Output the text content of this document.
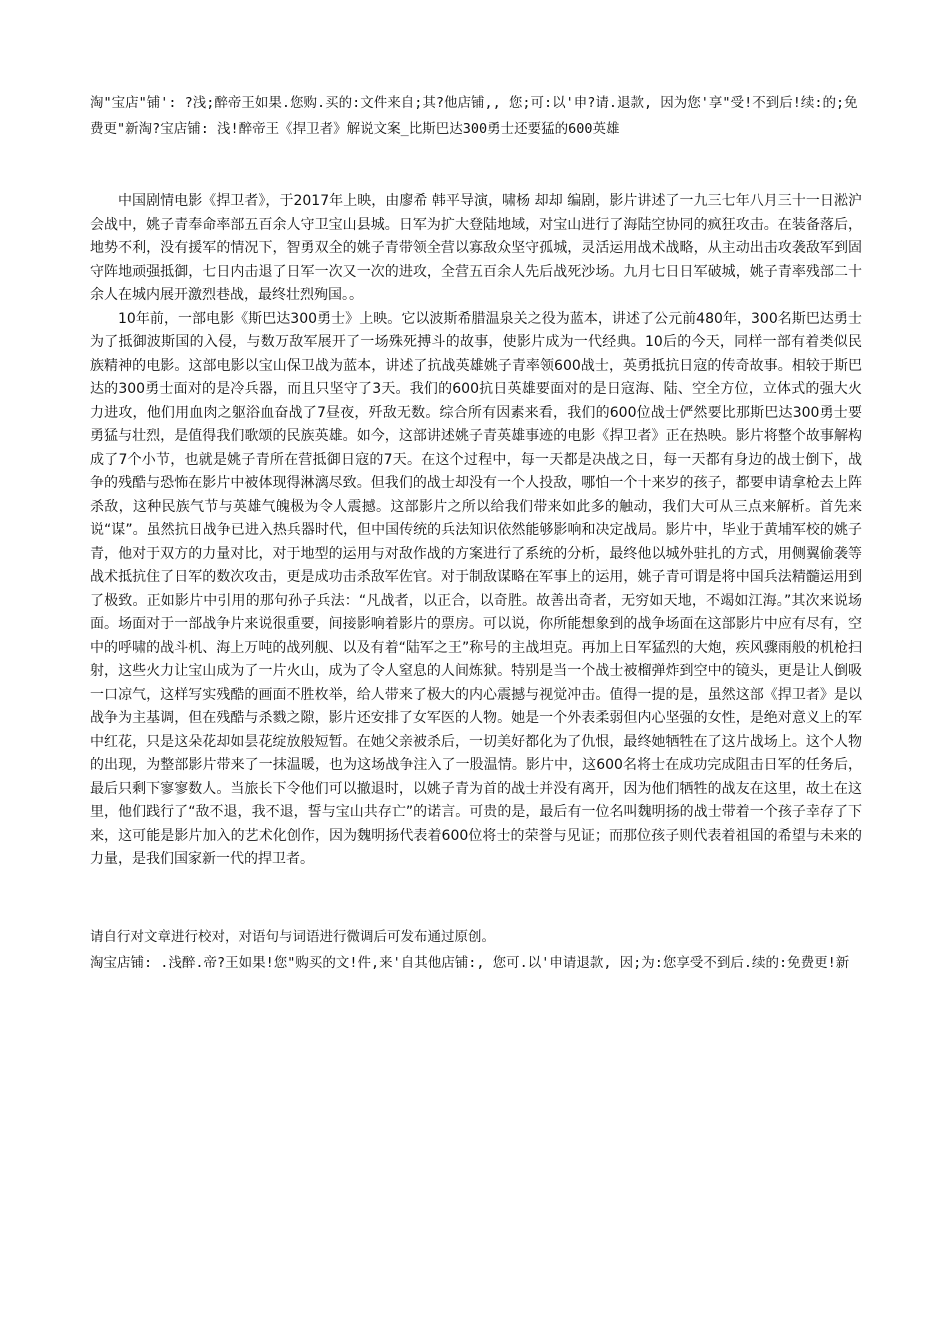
淘"宝店"铺': ?浅;醉帝王如果.您购.买的:文件来自;其?他店铺,, 您;可:以'申?请.退款, 因为您'享"受!不到后!续:的;免费更"新淘?宝店铺: 浅!醉帝王《捍卫者》解说文案_比斯巴达300勇士还要猛的600英雄

中国剧情电影《捍卫者》，于2017年上映，由廖希 韩平导演，啸杨 却却 编剧，影片讲述了一九三七年八月三十一日淞沪会战中，姚子青奉命率部五百余人守卫宝山县城。日军为扩大登陆地域，对宝山进行了海陆空协同的疯狂攻击。在装备落后，地势不利，没有援军的情况下，智勇双全的姚子青带领全营以寡敌众坚守孤城，灵活运用战术战略，从主动出击攻袭敌军到固守阵地顽强抵御，七日内击退了日军一次又一次的进攻，全营五百余人先后战死沙场。九月七日日军破城，姚子青率残部二十余人在城内展开激烈巷战，最终壮烈殉国。。

10年前，一部电影《斯巴达300勇士》上映。它以波斯希腊温泉关之役为蓝本，讲述了公元前480年，300名斯巴达勇士为了抵御波斯国的入侵，与数万敌军展开了一场殊死搏斗的故事，使影片成为一代经典。10后的今天，同样一部有着类似民族精神的电影。这部电影以宝山保卫战为蓝本，讲述了抗战英雄姚子青率领600战士，英勇抵抗日寇的传奇故事。相较于斯巴达的300勇士面对的是冷兵器，而且只坚守了3天。我们的600抗日英雄要面对的是日寇海、陆、空全方位，立体式的强大火力进攻，他们用血肉之躯浴血奋战了7昼夜，歼敌无数。综合所有因素来看，我们的600位战士俨然要比那斯巴达300勇士要勇猛与壮烈，是值得我们歌颂的民族英雄。如今，这部讲述姚子青英雄事迹的电影《捍卫者》正在热映。影片将整个故事解构成了7个小节，也就是姚子青所在营抵御日寇的7天。在这个过程中，每一天都是决战之日，每一天都有身边的战士倒下，战争的残酷与恐怖在影片中被体现得淋漓尽致。但我们的战士却没有一个人投敌，哪怕一个十来岁的孩子，都要申请拿枪去上阵杀敌，这种民族气节与英雄气魄极为令人震撼。这部影片之所以给我们带来如此多的触动，我们大可从三点来解析。首先来说“谋”。虽然抗日战争已进入热兵器时代，但中国传统的兵法知识依然能够影响和决定战局。影片中，毕业于黄埔军校的姚子青，他对于双方的力量对比，对于地型的运用与对敌作战的方案进行了系统的分析，最终他以城外驻扎的方式，用侧翼偷袭等战术抵抗住了日军的数次攻击，更是成功击杀敌军佐官。对于制敌谋略在军事上的运用，姚子青可谓是将中国兵法精髓运用到了极致。正如影片中引用的那句孙子兵法：“凡战者，以正合，以奇胜。故善出奇者，无穷如天地，不竭如江海。”其次来说场面。场面对于一部战争片来说很重要，间接影响着影片的票房。可以说，你所能想象到的战争场面在这部影片中应有尽有，空中的呼啸的战斗机、海上万吨的战列舰、以及有着“陆军之王”称号的主战坦克。再加上日军猛烈的大炮，疾风骤雨般的机枪扫射，这些火力让宝山成为了一片火山，成为了令人窒息的人间炼狱。特别是当一个战士被榴弹炸到空中的镜头，更是让人倒吸一口凉气，这样写实残酷的画面不胜枚举，给人带来了极大的内心震撼与视觉冲击。值得一提的是，虽然这部《捍卫者》是以战争为主基调，但在残酷与杀戮之隙，影片还安排了女军医的人物。她是一个外表柔弱但内心坚强的女性，是绝对意义上的军中红花，只是这朵花却如昙花绽放般短暂。在她父亲被杀后，一切美好都化为了仇恨，最终她牺牲在了这片战场上。这个人物的出现，为整部影片带来了一抹温暖，也为这场战争注入了一股温情。影片中，这600名将士在成功完成阻击日军的任务后，最后只剩下寥寥数人。当旅长下令他们可以撤退时，以姚子青为首的战士并没有离开，因为他们牺牲的战友在这里，故土在这里，他们践行了“敌不退，我不退，誓与宝山共存亡”的诺言。可贵的是，最后有一位名叫魏明扬的战士带着一个孩子幸存了下来，这可能是影片加入的艺术化创作，因为魏明扬代表着600位将士的荣誉与见证；而那位孩子则代表着祖国的希望与未来的力量，是我们国家新一代的捍卫者。

请自行对文章进行校对，对语句与词语进行微调后可发布通过原创。

淘宝店铺: .浅醉.帝?王如果!您"购买的文!件,来'自其他店铺:, 您可.以'申请退款, 因;为:您享受不到后.续的:免费更!新
